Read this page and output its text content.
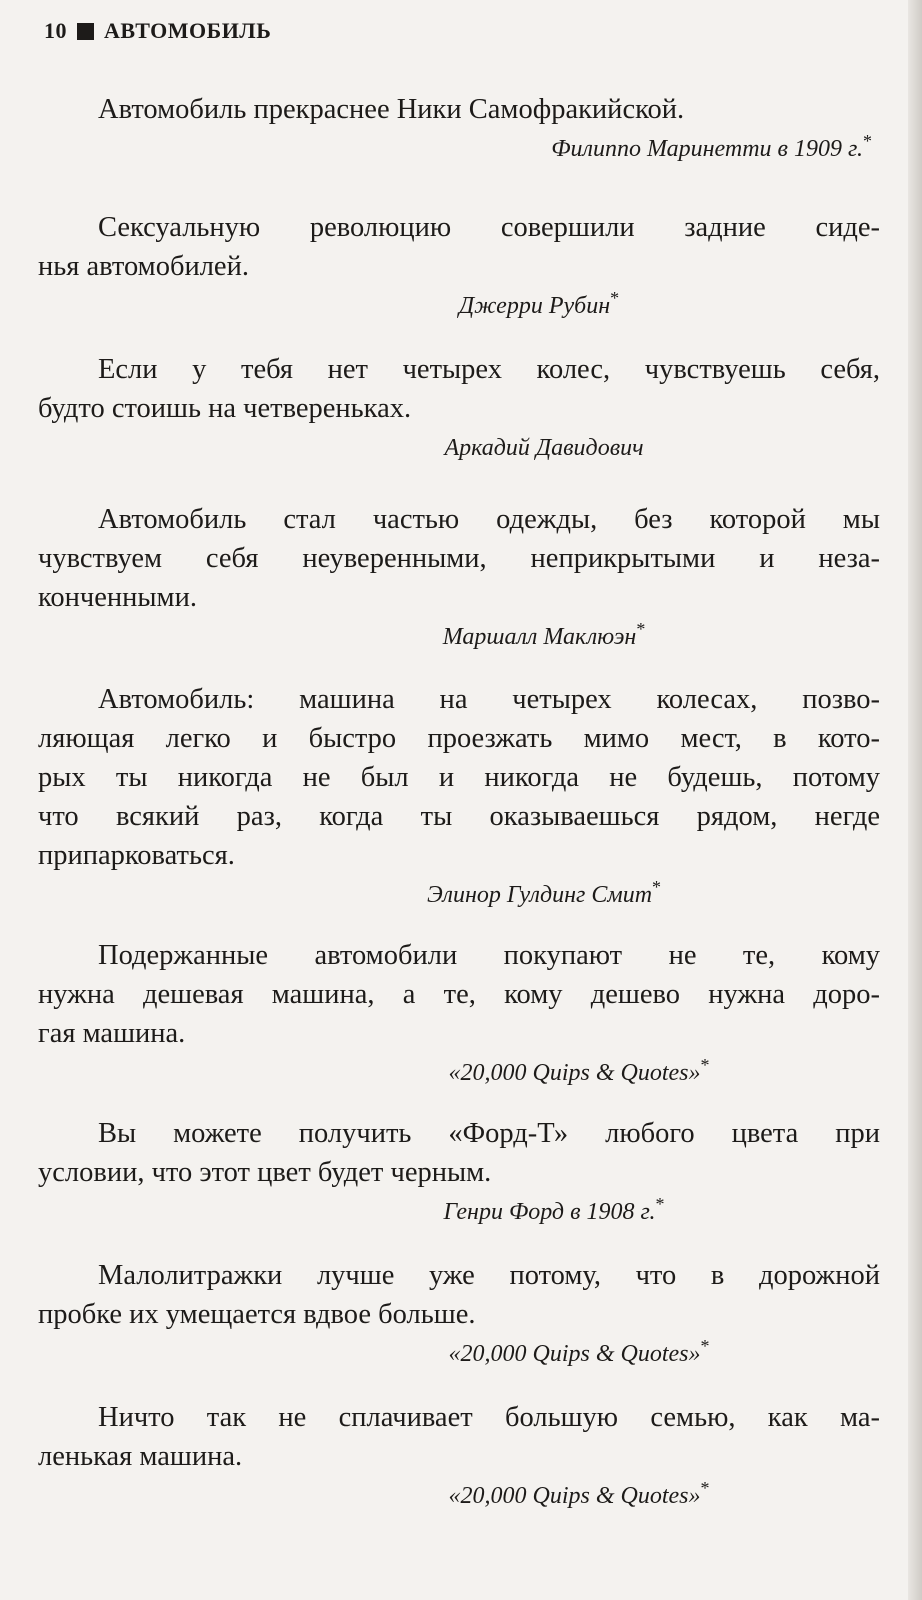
10 АВТОМОБИЛЬ

Автомобиль прекраснее Ники Самофракийской.

Филиппо Маринетти в 1909 г.*

Сексуальную революцию совершили задние сиде-
нья автомобилей.

Джерри Рубин*

Если у тебя нет четырех колес, чувствуешь себя,
будто стоишь на четвереньках.

Аркадий Давидович

Автомобиль стал частью одежды, без которой мы
чувствуем себя неуверенными, неприкрытыми и неза-
конченными.

Маршалл Маклюэн*

Автомобиль: машина на четырех колесах, позво-
ляющая легко и быстро проезжать мимо мест, в кото-
рых ты никогда не был и никогда не будешь, потому
что всякий раз, когда ты оказываешься рядом, негде
припарковаться.

Элинор Гулдинг Смит*

Подержанные автомобили покупают не те, кому
нужна дешевая машина, а те, кому дешево нужна доро-
гая машина.

«20,000 Quips & Quotes»*

Вы можете получить «Форд-Т» любого цвета при
условии, что этот цвет будет черным.

Генри Форд в 1908 г.*

Малолитражки лучше уже потому, что в дорожной
пробке их умещается вдвое больше.

«20,000 Quips & Quotes»*

Ничто так не сплачивает большую семью, как ма-
ленькая машина.

«20,000 Quips & Quotes»*
